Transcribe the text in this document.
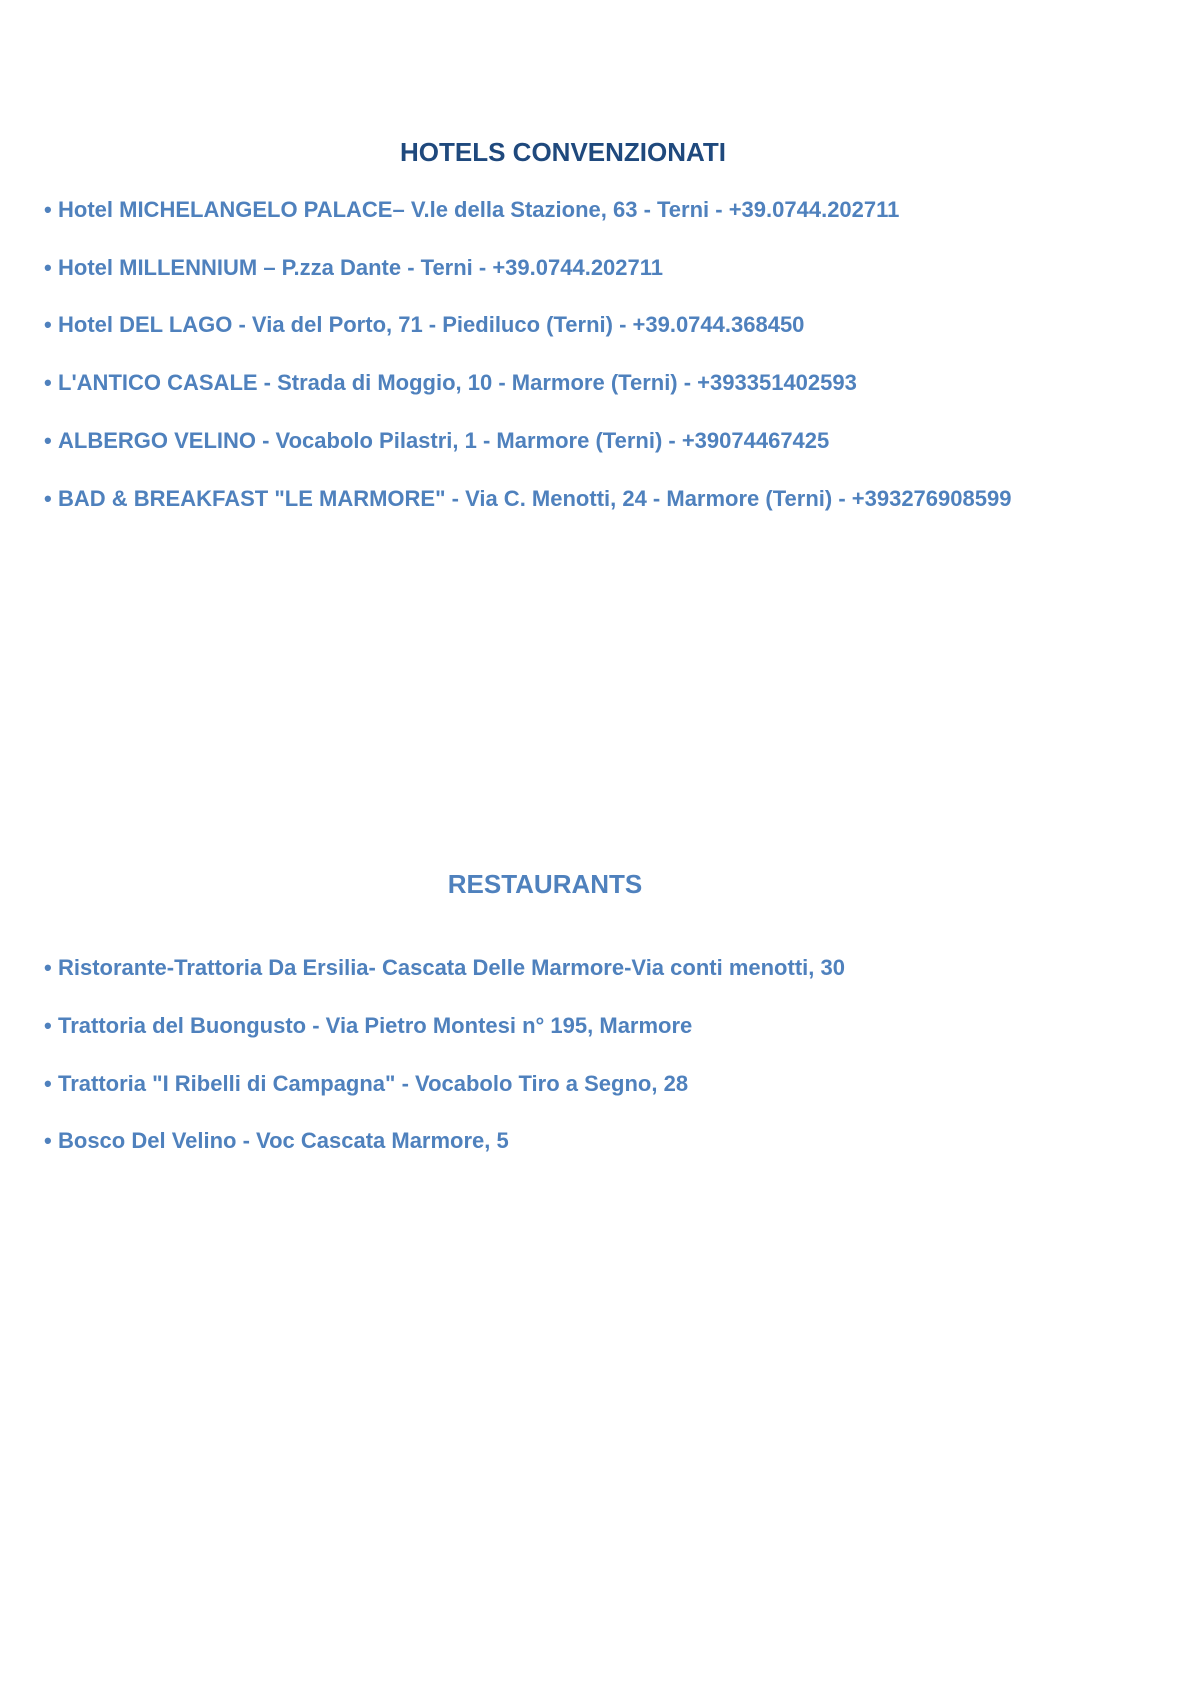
HOTELS CONVENZIONATI
• Hotel MICHELANGELO PALACE– V.le della Stazione, 63 - Terni - +39.0744.202711
• Hotel MILLENNIUM – P.zza Dante - Terni - +39.0744.202711
• Hotel DEL LAGO - Via del Porto, 71 - Piediluco (Terni) - +39.0744.368450
• L'ANTICO CASALE - Strada di Moggio, 10 - Marmore (Terni) - +393351402593
• ALBERGO VELINO - Vocabolo Pilastri, 1 - Marmore (Terni) - +39074467425
• BAD & BREAKFAST "LE MARMORE" - Via C. Menotti, 24 - Marmore (Terni) - +393276908599
RESTAURANTS
• Ristorante-Trattoria Da Ersilia- Cascata Delle Marmore-Via conti menotti, 30
• Trattoria del Buongusto - Via Pietro Montesi n° 195, Marmore
• Trattoria "I Ribelli di Campagna" - Vocabolo Tiro a Segno, 28
• Bosco Del Velino - Voc Cascata Marmore, 5
